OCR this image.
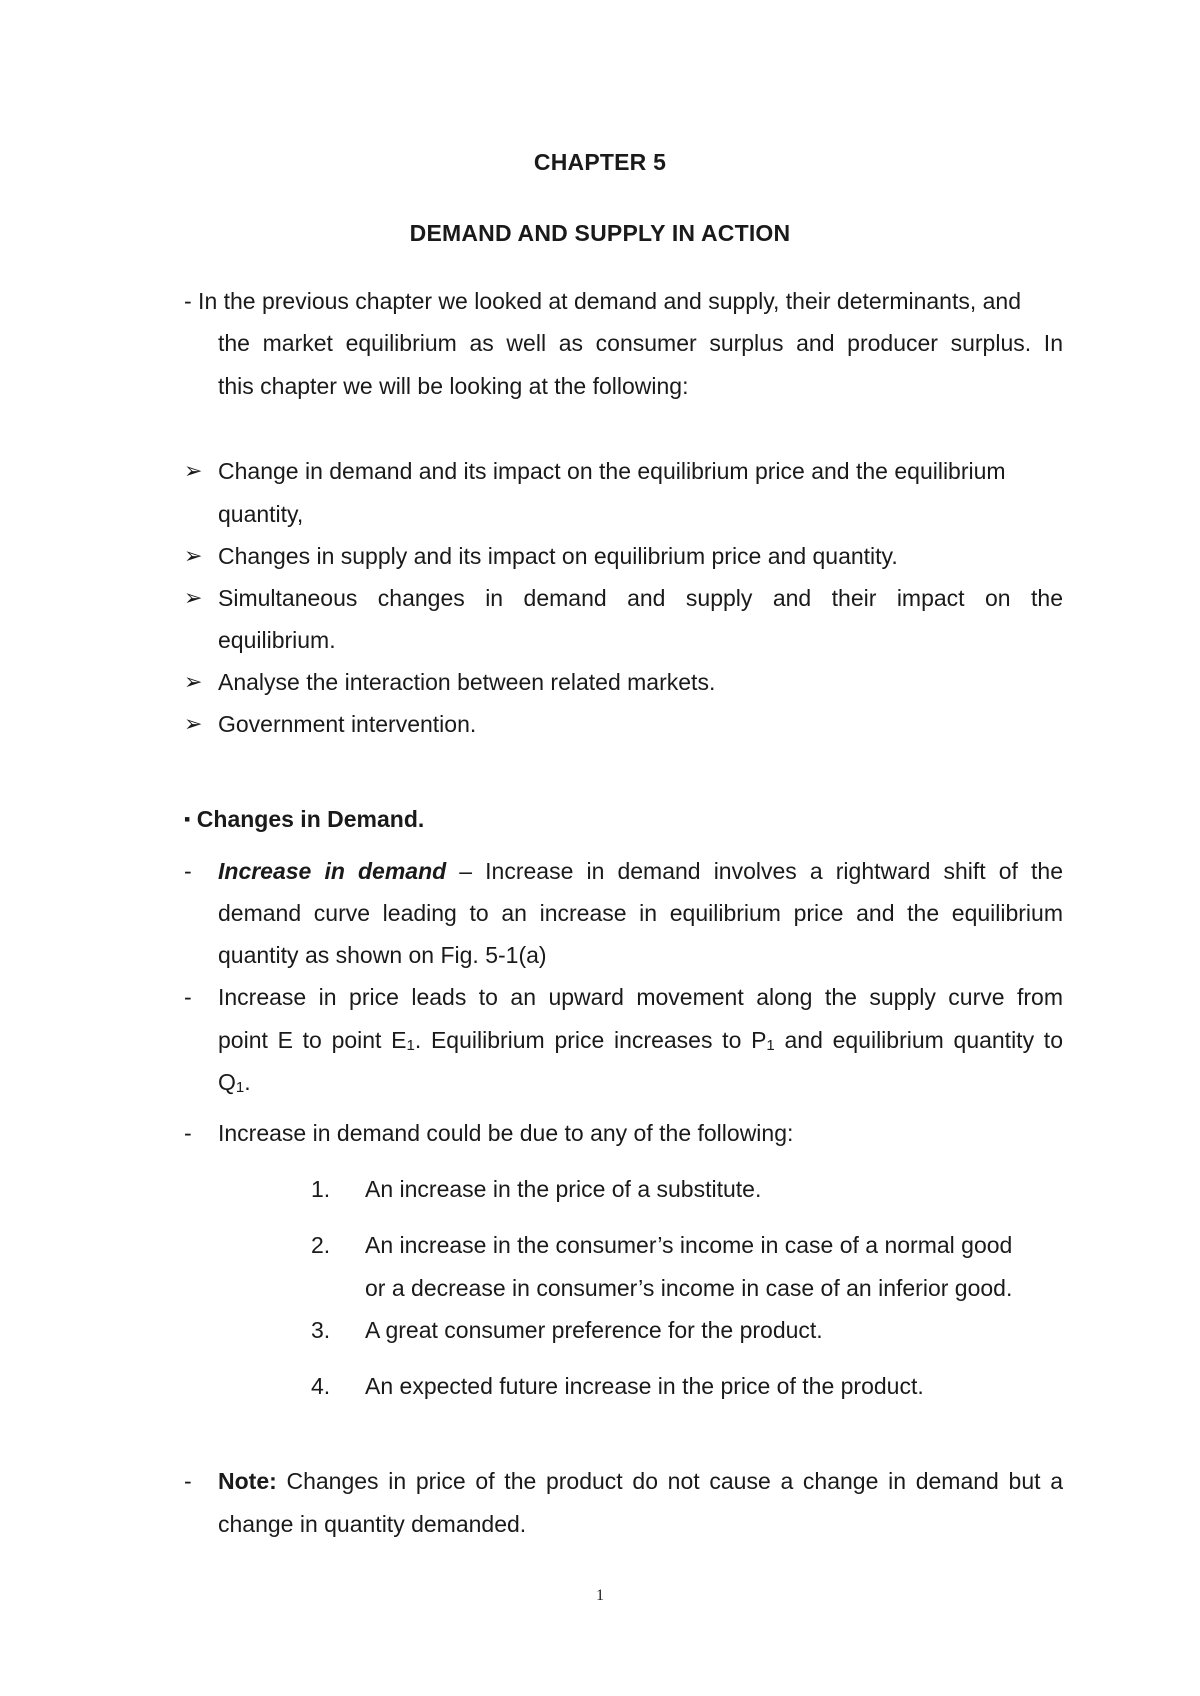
CHAPTER 5
DEMAND AND SUPPLY IN ACTION
- In the previous chapter we looked at demand and supply, their determinants, and
the market equilibrium as well as consumer surplus and producer surplus. In
this chapter we will be looking at the following:
➢ Change in demand and its impact on the equilibrium price and the equilibrium
quantity,
➢ Changes in supply and its impact on equilibrium price and quantity.
➢ Simultaneous changes in demand and supply and their impact on the
equilibrium.
➢ Analyse the interaction between related markets.
➢ Government intervention.
▪ Changes in Demand.
- Increase in demand – Increase in demand involves a rightward shift of the
demand curve leading to an increase in equilibrium price and the equilibrium
quantity as shown on Fig. 5-1(a)
- Increase in price leads to an upward movement along the supply curve from
point E to point E1. Equilibrium price increases to P1 and equilibrium quantity to
Q1.
- Increase in demand could be due to any of the following:
1. An increase in the price of a substitute.
2. An increase in the consumer’s income in case of a normal good
or a decrease in consumer’s income in case of an inferior good.
3. A great consumer preference for the product.
4. An expected future increase in the price of the product.
- Note: Changes in price of the product do not cause a change in demand but a
change in quantity demanded.
1
